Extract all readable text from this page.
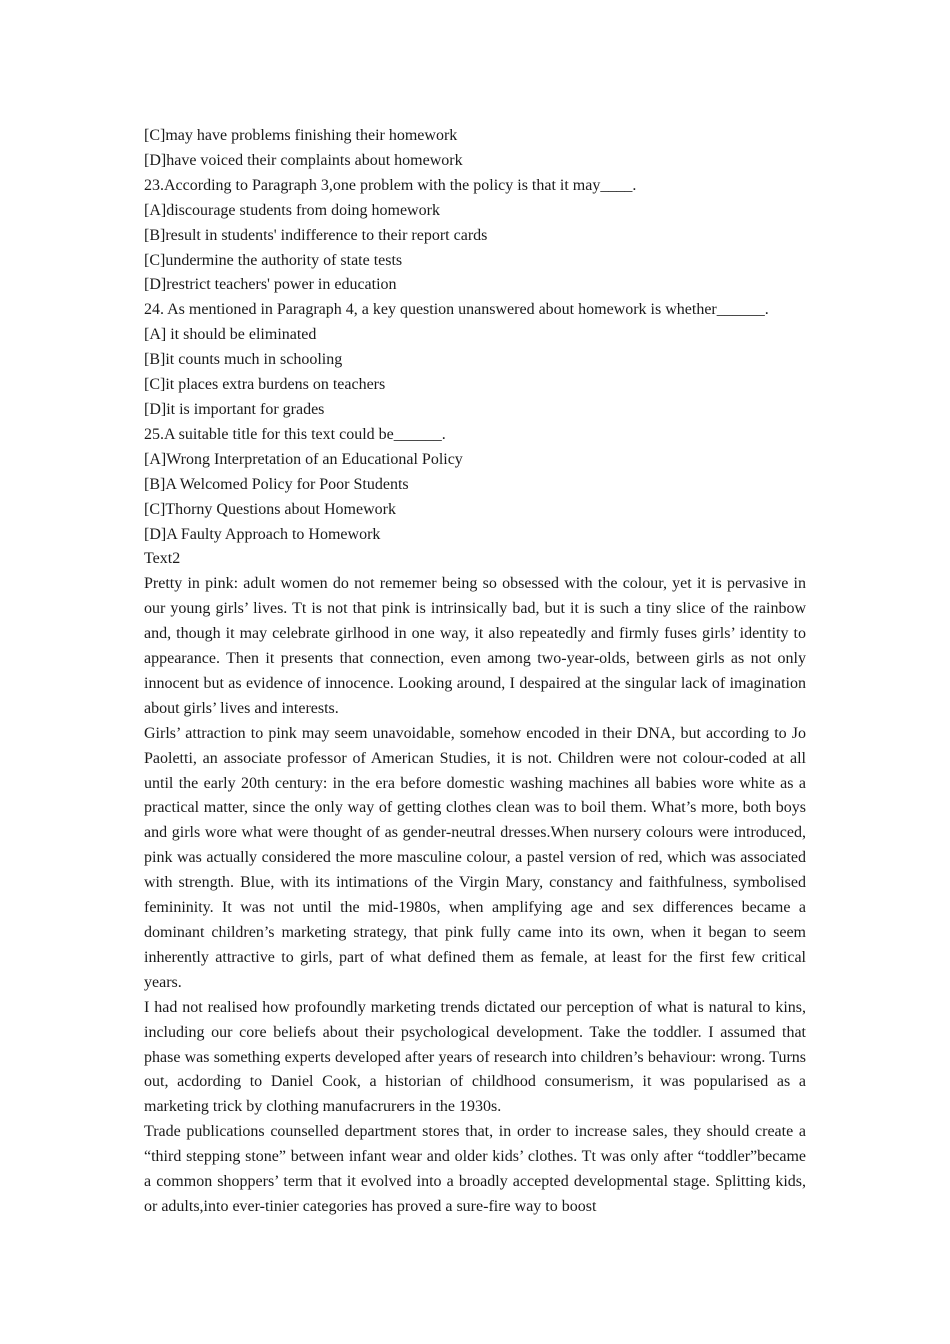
[C]may have problems finishing their homework

[D]have voiced their complaints about homework

23.According to Paragraph 3,one problem with the policy is that it may____.

[A]discourage students from doing homework

[B]result in students' indifference to their report cards

[C]undermine the authority of state tests

[D]restrict teachers' power in education

24. As mentioned in Paragraph 4, a key question unanswered about homework is whether______.

[A] it should be eliminated

[B]it counts much in schooling

[C]it places extra burdens on teachers

[D]it is important for grades

25.A suitable title for this text could be______.

[A]Wrong Interpretation of an Educational Policy

[B]A Welcomed Policy for Poor Students

[C]Thorny Questions about Homework

[D]A Faulty Approach to Homework

Text2

Pretty in pink: adult women do not rememer being so obsessed with the colour, yet it is pervasive in our young girls’ lives. Tt is not that pink is intrinsically bad, but it is such a tiny slice of the rainbow and, though it may celebrate girlhood in one way, it also repeatedly and firmly fuses girls’ identity to appearance. Then it presents that connection, even among two-year-olds, between girls as not only innocent but as evidence of innocence. Looking around, I despaired at the singular lack of imagination about girls’ lives and interests.

Girls’ attraction to pink may seem unavoidable, somehow encoded in their DNA, but according to Jo Paoletti, an associate professor of American Studies, it is not. Children were not colour-coded at all until the early 20th century: in the era before domestic washing machines all babies wore white as a practical matter, since the only way of getting clothes clean was to boil them. What’s more, both boys and girls wore what were thought of as gender-neutral dresses.When nursery colours were introduced, pink was actually considered the more masculine colour, a pastel version of red, which was associated with strength. Blue, with its intimations of the Virgin Mary, constancy and faithfulness, symbolised femininity. It was not until the mid-1980s, when amplifying age and sex differences became a dominant children’s marketing strategy, that pink fully came into its own, when it began to seem inherently attractive to girls, part of what defined them as female, at least for the first few critical years.

I had not realised how profoundly marketing trends dictated our perception of what is natural to kins, including our core beliefs about their psychological development. Take the toddler. I assumed that phase was something experts developed after years of research into children’s behaviour: wrong. Turns out, acdording to Daniel Cook, a historian of childhood consumerism, it was popularised as a marketing trick by clothing manufacrurers in the 1930s.

Trade publications counselled department stores that, in order to increase sales, they should create a “third stepping stone” between infant wear and older kids’ clothes. Tt was only after “toddler”became a common shoppers’ term that it evolved into a broadly accepted developmental stage. Splitting kids, or adults,into ever-tinier categories has proved a sure-fire way to boost
